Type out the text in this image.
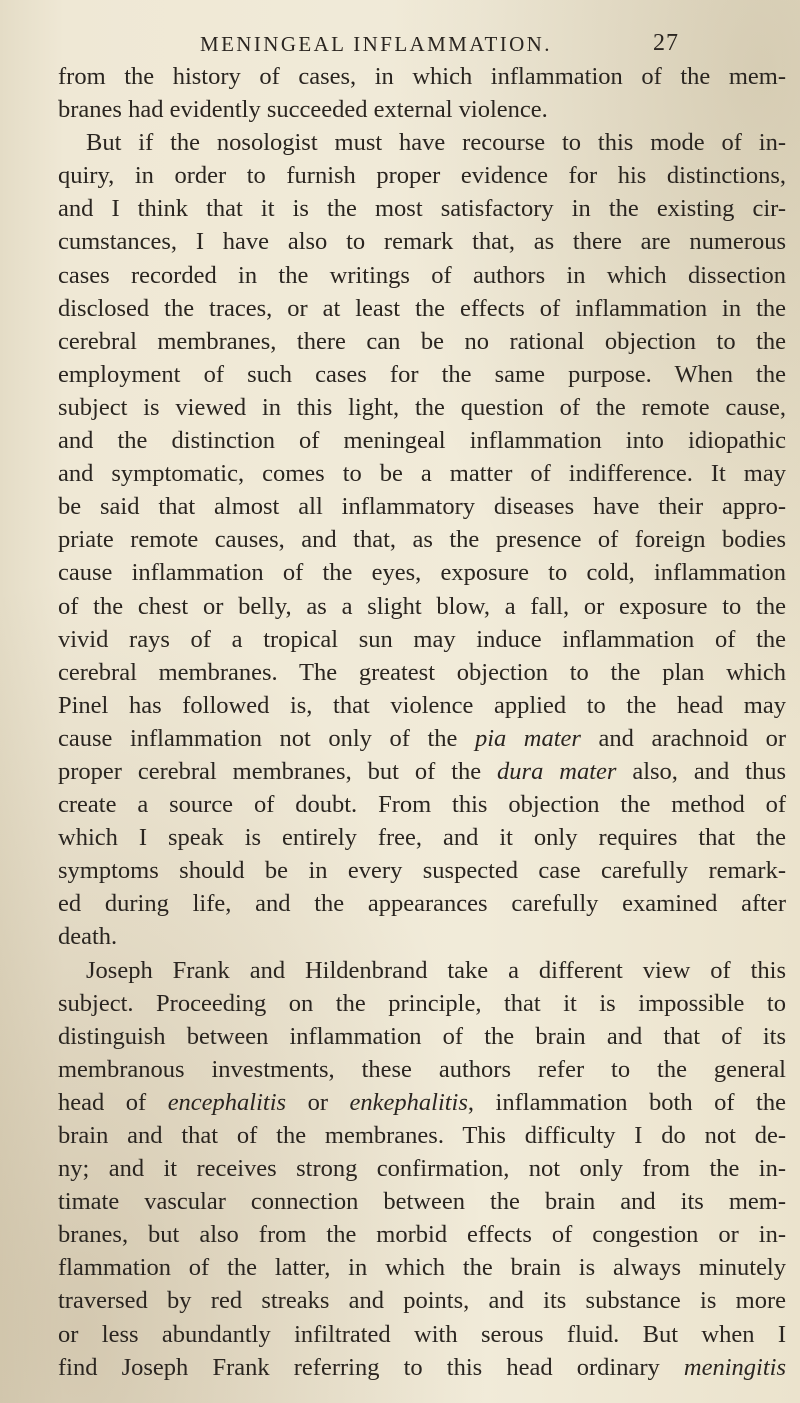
MENINGEAL INFLAMMATION.	27
from the history of cases, in which inflammation of the mem-
branes had evidently succeeded external violence.
But if the nosologist must have recourse to this mode of in-
quiry, in order to furnish proper evidence for his distinctions,
and I think that it is the most satisfactory in the existing cir-
cumstances, I have also to remark that, as there are numerous
cases recorded in the writings of authors in which dissection
disclosed the traces, or at least the effects of inflammation in the
cerebral membranes, there can be no rational objection to the
employment of such cases for the same purpose. When the
subject is viewed in this light, the question of the remote cause,
and the distinction of meningeal inflammation into idiopathic
and symptomatic, comes to be a matter of indifference. It may
be said that almost all inflammatory diseases have their appro-
priate remote causes, and that, as the presence of foreign bodies
cause inflammation of the eyes, exposure to cold, inflammation
of the chest or belly, as a slight blow, a fall, or exposure to the
vivid rays of a tropical sun may induce inflammation of the
cerebral membranes. The greatest objection to the plan which
Pinel has followed is, that violence applied to the head may
cause inflammation not only of the pia mater and arachnoid or
proper cerebral membranes, but of the dura mater also, and thus
create a source of doubt. From this objection the method of
which I speak is entirely free, and it only requires that the
symptoms should be in every suspected case carefully remark-
ed during life, and the appearances carefully examined after
death.
Joseph Frank and Hildenbrand take a different view of this
subject. Proceeding on the principle, that it is impossible to
distinguish between inflammation of the brain and that of its
membranous investments, these authors refer to the general
head of encephalitis or enkephalitis, inflammation both of the
brain and that of the membranes. This difficulty I do not de-
ny; and it receives strong confirmation, not only from the in-
timate vascular connection between the brain and its mem-
branes, but also from the morbid effects of congestion or in-
flammation of the latter, in which the brain is always minutely
traversed by red streaks and points, and its substance is more
or less abundantly infiltrated with serous fluid. But when I
find Joseph Frank referring to this head ordinary meningitis
